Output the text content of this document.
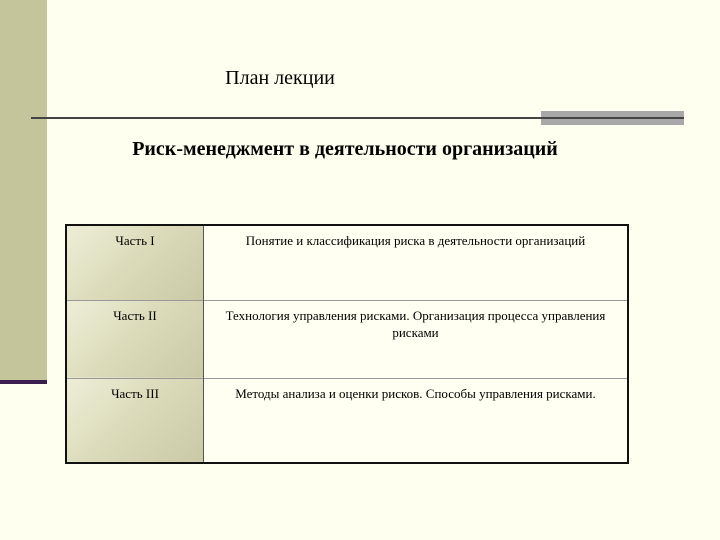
План лекции
Риск-менеджмент в деятельности организаций
Часть I	Понятие и классификация риска в деятельности организаций
Часть II	Технология управления рисками. Организация процесса управления рисками
Часть III	Методы анализа и оценки рисков. Способы управления рисками.
